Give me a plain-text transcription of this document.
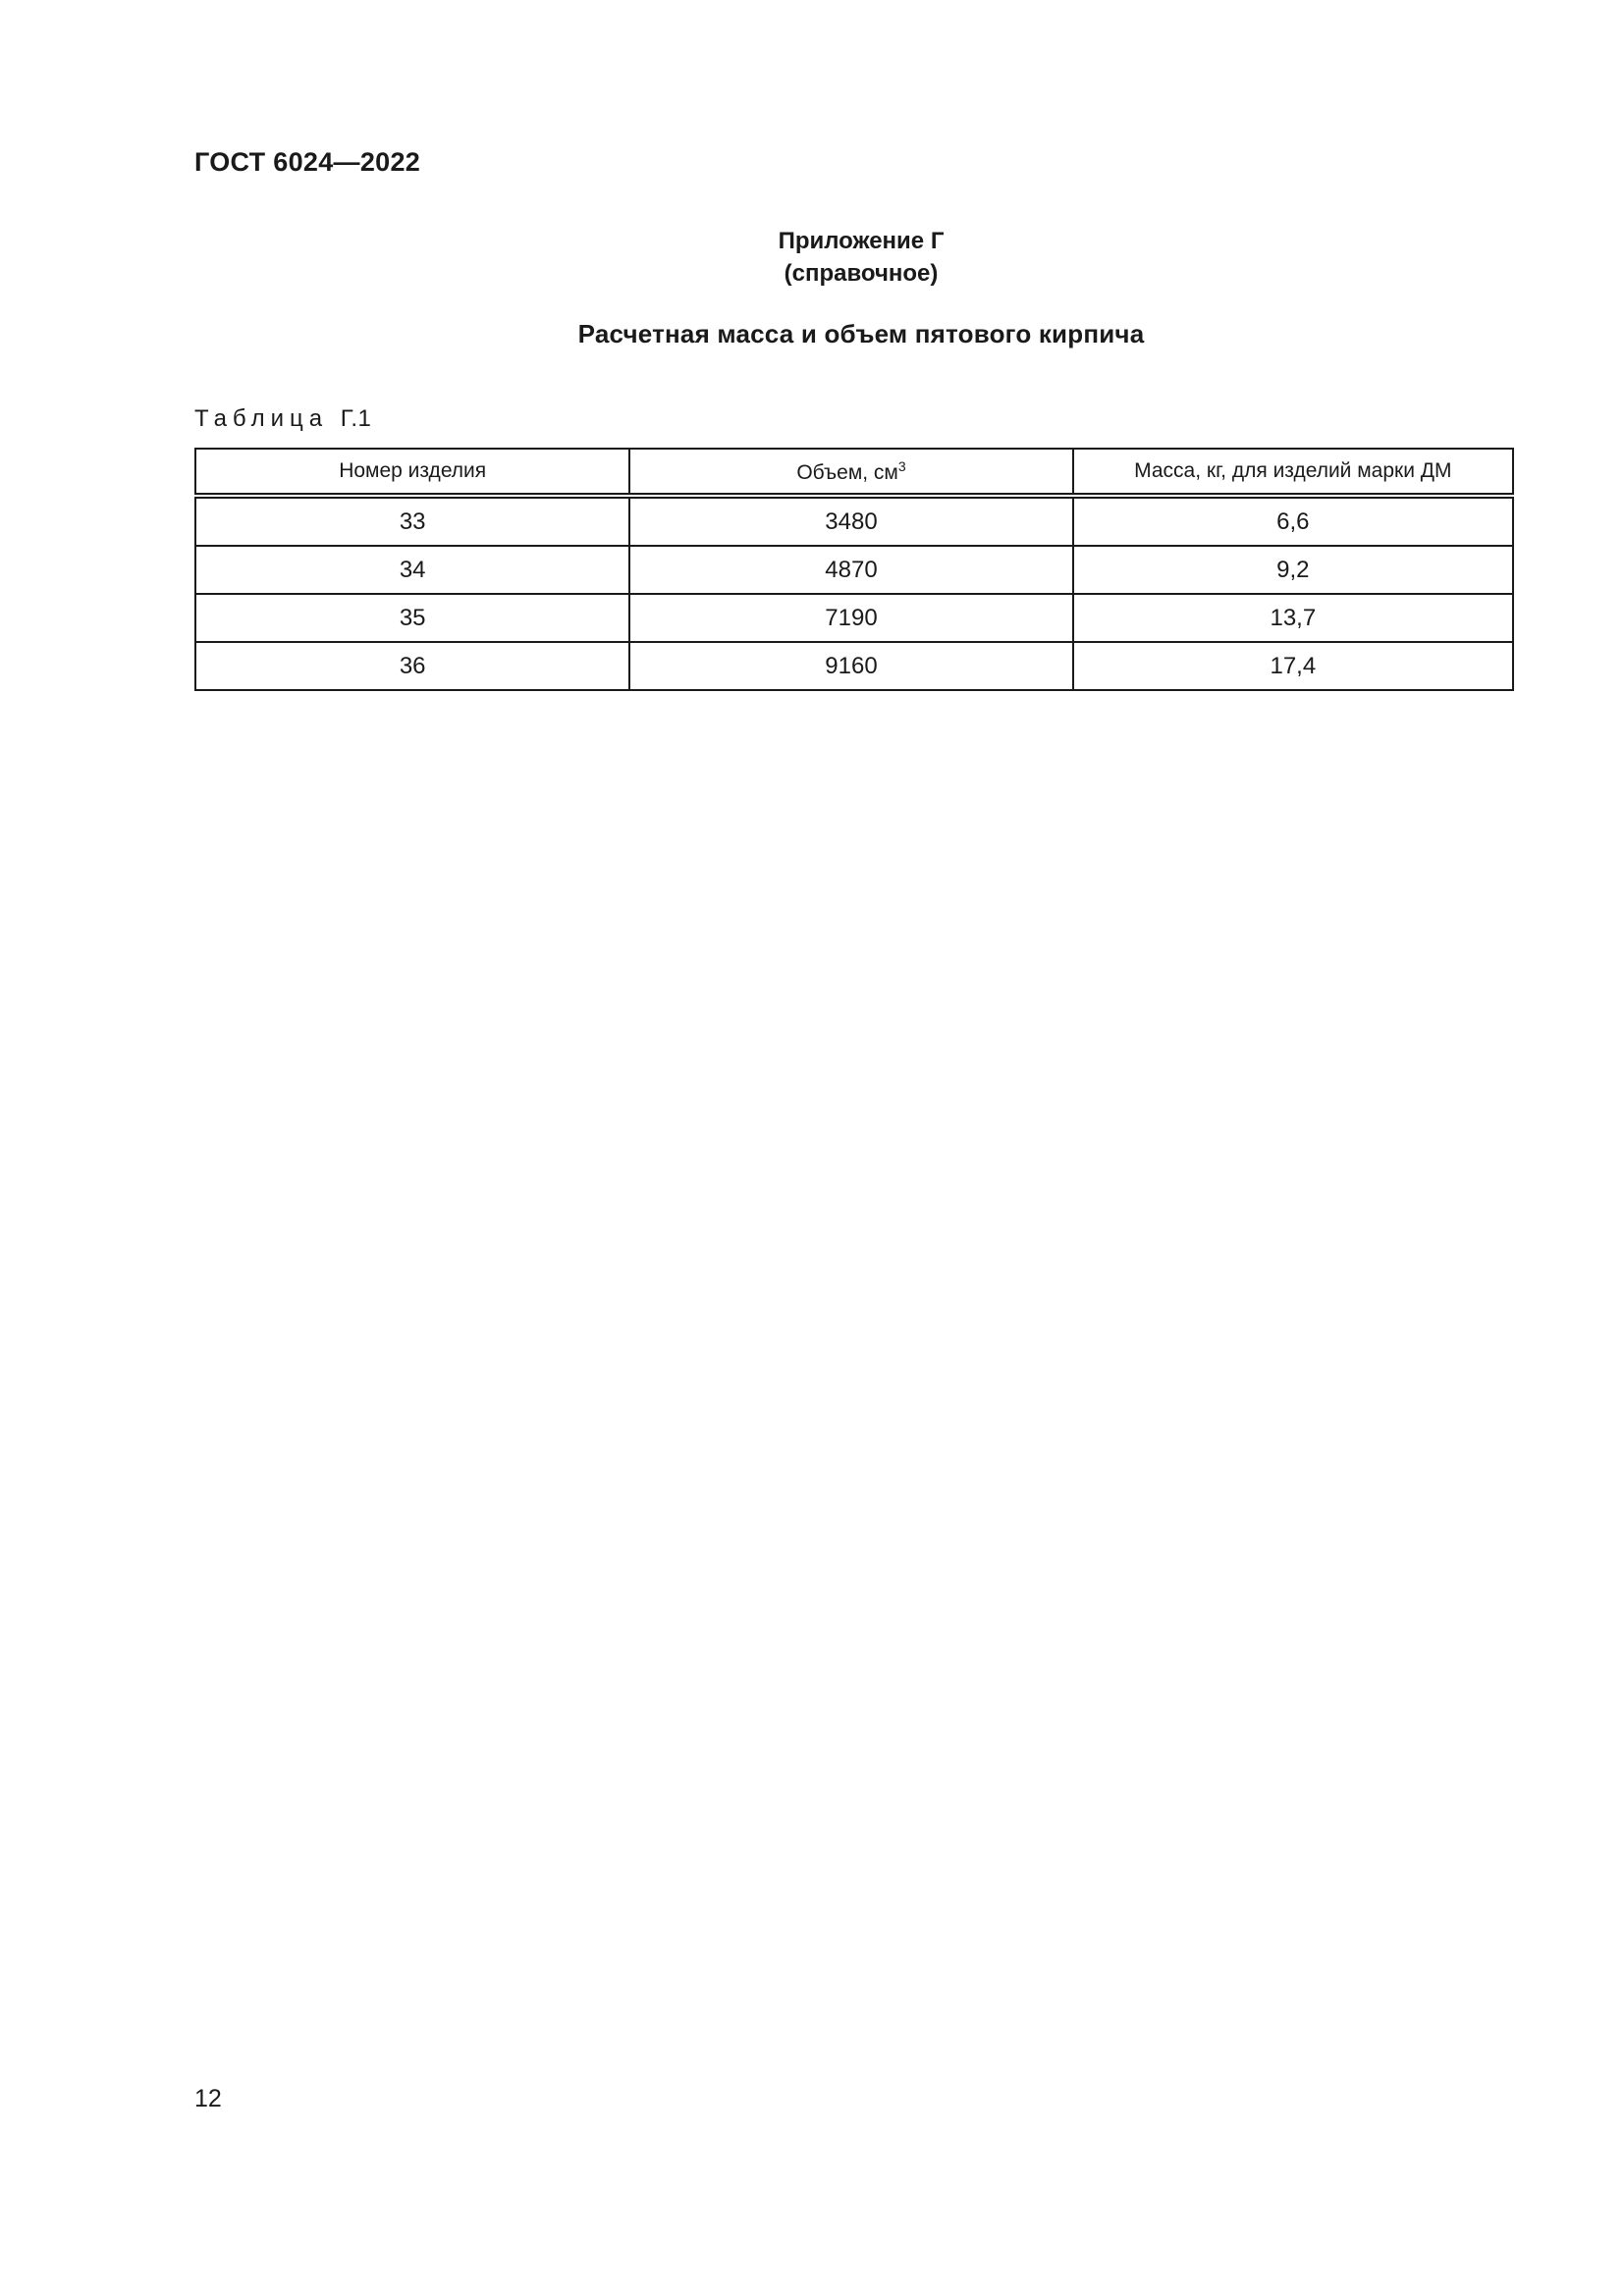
ГОСТ 6024—2022
Приложение Г
(справочное)
Расчетная масса и объем пятового кирпича
Таблица Г.1
Номер изделия	Объем, $см^3$	Масса, кг, для изделий марки ДМ
33	3480	6,6
34	4870	9,2
35	7190	13,7
36	9160	17,4
12
